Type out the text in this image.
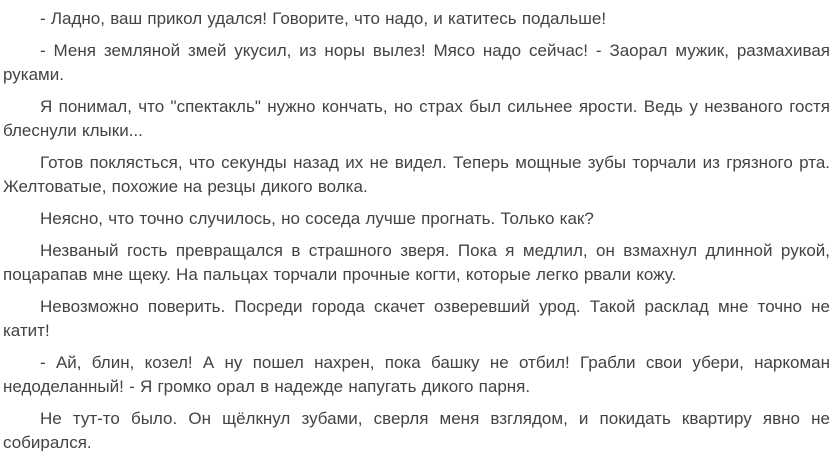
- Ладно, ваш прикол удался! Говорите, что надо, и катитесь подальше!

- Меня земляной змей укусил, из норы вылез! Мясо надо сейчас! - Заорал мужик, размахивая руками.

Я понимал, что "спектакль" нужно кончать, но страх был сильнее ярости. Ведь у незваного гостя блеснули клыки...

Готов поклясться, что секунды назад их не видел. Теперь мощные зубы торчали из грязного рта. Желтоватые, похожие на резцы дикого волка.

Неясно, что точно случилось, но соседа лучше прогнать. Только как?

Незваный гость превращался в страшного зверя. Пока я медлил, он взмахнул длинной рукой, поцарапав мне щеку. На пальцах торчали прочные когти, которые легко рвали кожу.

Невозможно поверить. Посреди города скачет озверевший урод. Такой расклад мне точно не катит!

- Ай, блин, козел! А ну пошел нахрен, пока башку не отбил! Грабли свои убери, наркоман недоделанный! - Я громко орал в надежде напугать дикого парня.

Не тут-то было. Он щёлкнул зубами, сверля меня взглядом, и покидать квартиру явно не собирался.
